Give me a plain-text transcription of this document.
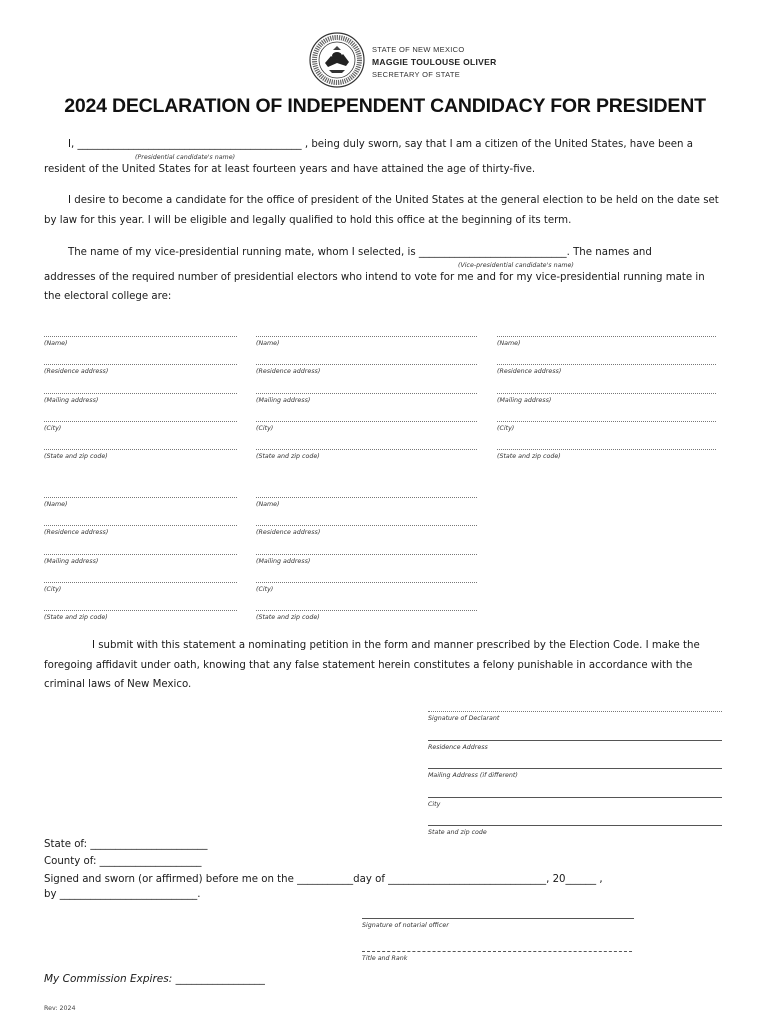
STATE OF NEW MEXICO
MAGGIE TOULOUSE OLIVER
SECRETARY OF STATE
2024 DECLARATION OF INDEPENDENT CANDIDACY FOR PRESIDENT
I, ____________________________________________ , being duly sworn, say that I am a citizen of the United States, have been a
(Presidential candidate's name)
resident of the United States for at least fourteen years and have attained the age of thirty-five.
I desire to become a candidate for the office of president of the United States at the general election to be held on the date set
by law for this year. I will be eligible and legally qualified to hold this office at the beginning of its term.
The name of my vice-presidential running mate, whom I selected, is _____________________________. The names and
(Vice-presidential candidate's name)
addresses of the required number of presidential electors who intend to vote for me and for my vice-presidential running mate in
the electoral college are:
(Name)
(Residence address)
(Mailing address)
(City)
(State and zip code)
(Name)
(Residence address)
(Mailing address)
(City)
(State and zip code)
(Name)
(Residence address)
(Mailing address)
(City)
(State and zip code)
(Name)
(Residence address)
(Mailing address)
(City)
(State and zip code)
(Name)
(Residence address)
(Mailing address)
(City)
(State and zip code)
I submit with this statement a nominating petition in the form and manner prescribed by the Election Code. I make the
foregoing affidavit under oath, knowing that any false statement herein constitutes a felony punishable in accordance with the
criminal laws of New Mexico.
Signature of Declarant
Residence Address
Mailing Address (if different)
City
State and zip code
State of: _______________________
County of: ____________________
Signed and sworn (or affirmed) before me on the ___________day of _______________________________, 20______ ,
by ___________________________.
Signature of notarial officer
Title and Rank
My Commission Expires: _________________
Rev: 2024
